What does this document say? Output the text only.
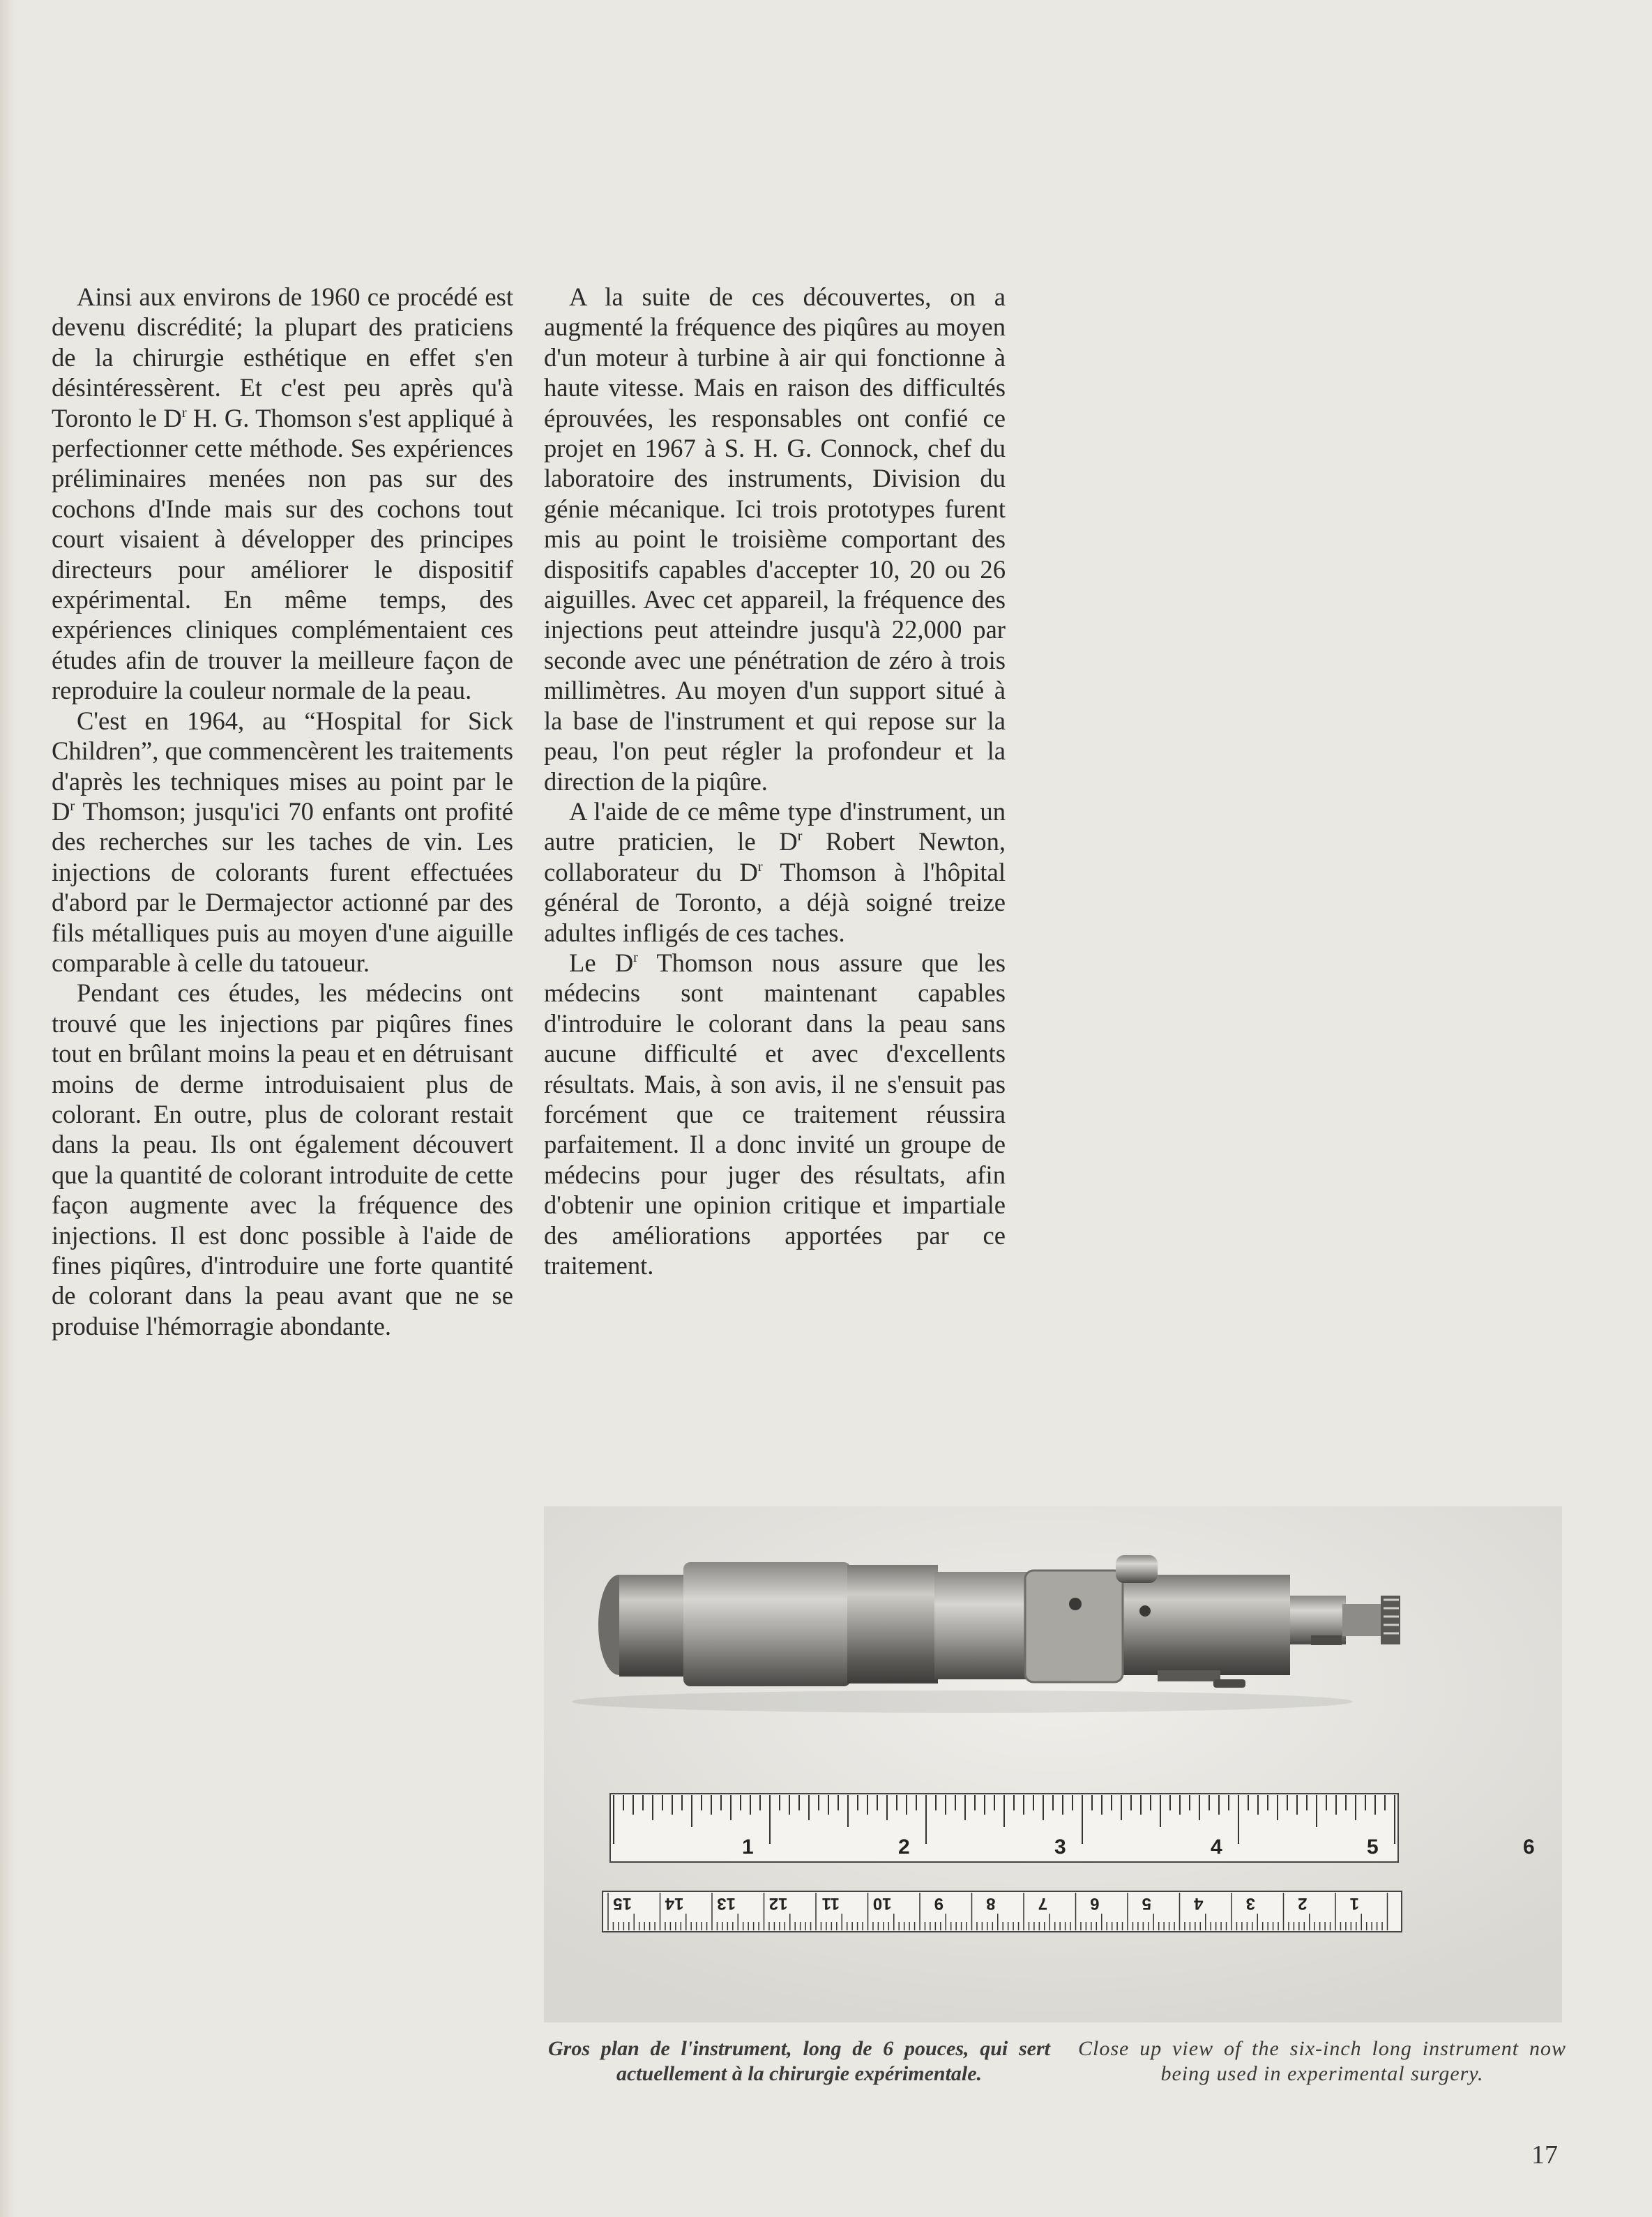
Ainsi aux environs de 1960 ce procédé est devenu discrédité; la plupart des praticiens de la chirurgie esthétique en effet s'en désintéressèrent. Et c'est peu après qu'à Toronto le $D^r$ H. G. Thomson s'est appliqué à perfectionner cette méthode. Ses expériences préliminaires menées non pas sur des cochons d'Inde mais sur des cochons tout court visaient à développer des principes directeurs pour améliorer le dispositif expérimental. En même temps, des expériences cliniques complémentaient ces études afin de trouver la meilleure façon de reproduire la couleur normale de la peau.

C'est en 1964, au “Hospital for Sick Children”, que commencèrent les traitements d'après les techniques mises au point par le $D^r$ Thomson; jusqu'ici 70 enfants ont profité des recherches sur les taches de vin. Les injections de colorants furent effectuées d'abord par le Dermajector actionné par des fils métalliques puis au moyen d'une aiguille comparable à celle du tatoueur.

Pendant ces études, les médecins ont trouvé que les injections par piqûres fines tout en brûlant moins la peau et en détruisant moins de derme introduisaient plus de colorant. En outre, plus de colorant restait dans la peau. Ils ont également découvert que la quantité de colorant introduite de cette façon augmente avec la fréquence des injections. Il est donc possible à l'aide de fines piqûres, d'introduire une forte quantité de colorant dans la peau avant que ne se produise l'hémorragie abondante.

A la suite de ces découvertes, on a augmenté la fréquence des piqûres au moyen d'un moteur à turbine à air qui fonctionne à haute vitesse. Mais en raison des difficultés éprouvées, les responsables ont confié ce projet en 1967 à S. H. G. Connock, chef du laboratoire des instruments, Division du génie mécanique. Ici trois prototypes furent mis au point le troisième comportant des dispositifs capables d'accepter 10, 20 ou 26 aiguilles. Avec cet appareil, la fréquence des injections peut atteindre jusqu'à 22,000 par seconde avec une pénétration de zéro à trois millimètres. Au moyen d'un support situé à la base de l'instrument et qui repose sur la peau, l'on peut régler la profondeur et la direction de la piqûre.

A l'aide de ce même type d'instrument, un autre praticien, le $D^r$ Robert Newton, collaborateur du $D^r$ Thomson à l'hôpital général de Toronto, a déjà soigné treize adultes infligés de ces taches.

Le $D^r$ Thomson nous assure que les médecins sont maintenant capables d'introduire le colorant dans la peau sans aucune difficulté et avec d'excellents résultats. Mais, à son avis, il ne s'ensuit pas forcément que ce traitement réussira parfaitement. Il a donc invité un groupe de médecins pour juger des résultats, afin d'obtenir une opinion critique et impartiale des améliorations apportées par ce traitement.

1	2	3	4	5	6
15 14 13 12 11 10	9	8	7	6	5	4	3	2	1
Gros plan de l'instrument, long de 6 pouces, qui sert actuellement à la chirurgie expérimentale.
Close up view of the six-inch long instrument now being used in experimental surgery.
17
